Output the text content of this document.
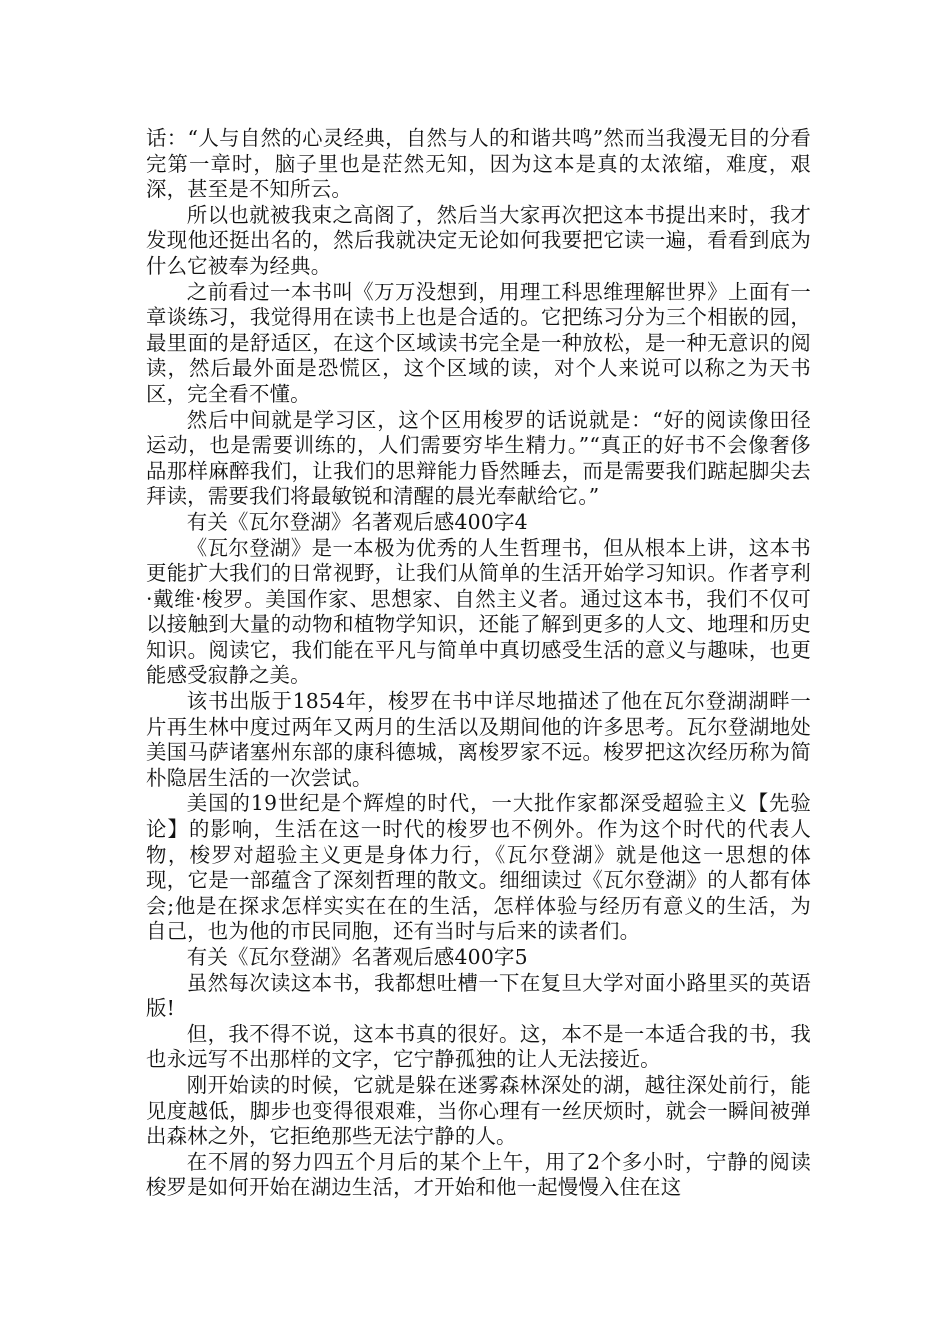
话：“人与自然的心灵经典，自然与人的和谐共鸣”然而当我漫无目的分看完第一章时，脑子里也是茫然无知，因为这本是真的太浓缩，难度，艰深，甚至是不知所云。

所以也就被我束之高阁了，然后当大家再次把这本书提出来时，我才发现他还挺出名的，然后我就决定无论如何我要把它读一遍，看看到底为什么它被奉为经典。

之前看过一本书叫《万万没想到，用理工科思维理解世界》上面有一章谈练习，我觉得用在读书上也是合适的。它把练习分为三个相嵌的园，最里面的是舒适区，在这个区域读书完全是一种放松，是一种无意识的阅读，然后最外面是恐慌区，这个区域的读，对个人来说可以称之为天书区，完全看不懂。

然后中间就是学习区，这个区用梭罗的话说就是：“好的阅读像田径运动，也是需要训练的，人们需要穷毕生精力。”“真正的好书不会像奢侈品那样麻醉我们，让我们的思辩能力昏然睡去，而是需要我们踮起脚尖去拜读，需要我们将最敏锐和清醒的晨光奉献给它。”

有关《瓦尔登湖》名著观后感400字4

《瓦尔登湖》是一本极为优秀的人生哲理书，但从根本上讲，这本书更能扩大我们的日常视野，让我们从简单的生活开始学习知识。作者亨利·戴维·梭罗。美国作家、思想家、自然主义者。通过这本书，我们不仅可以接触到大量的动物和植物学知识，还能了解到更多的人文、地理和历史知识。阅读它，我们能在平凡与简单中真切感受生活的意义与趣味，也更能感受寂静之美。

该书出版于1854年，梭罗在书中详尽地描述了他在瓦尔登湖湖畔一片再生林中度过两年又两月的生活以及期间他的许多思考。瓦尔登湖地处美国马萨诸塞州东部的康科德城，离梭罗家不远。梭罗把这次经历称为简朴隐居生活的一次尝试。

美国的19世纪是个辉煌的时代，一大批作家都深受超验主义【先验论】的影响，生活在这一时代的梭罗也不例外。作为这个时代的代表人物，梭罗对超验主义更是身体力行，《瓦尔登湖》就是他这一思想的体现，它是一部蕴含了深刻哲理的散文。细细读过《瓦尔登湖》的人都有体会;他是在探求怎样实实在在的生活，怎样体验与经历有意义的生活，为自己，也为他的市民同胞，还有当时与后来的读者们。

有关《瓦尔登湖》名著观后感400字5

虽然每次读这本书，我都想吐槽一下在复旦大学对面小路里买的英语版!

但，我不得不说，这本书真的很好。这，本不是一本适合我的书，我也永远写不出那样的文字，它宁静孤独的让人无法接近。

刚开始读的时候，它就是躲在迷雾森林深处的湖，越往深处前行，能见度越低，脚步也变得很艰难，当你心理有一丝厌烦时，就会一瞬间被弹出森林之外，它拒绝那些无法宁静的人。

在不屑的努力四五个月后的某个上午，用了2个多小时，宁静的阅读梭罗是如何开始在湖边生活，才开始和他一起慢慢入住在这
